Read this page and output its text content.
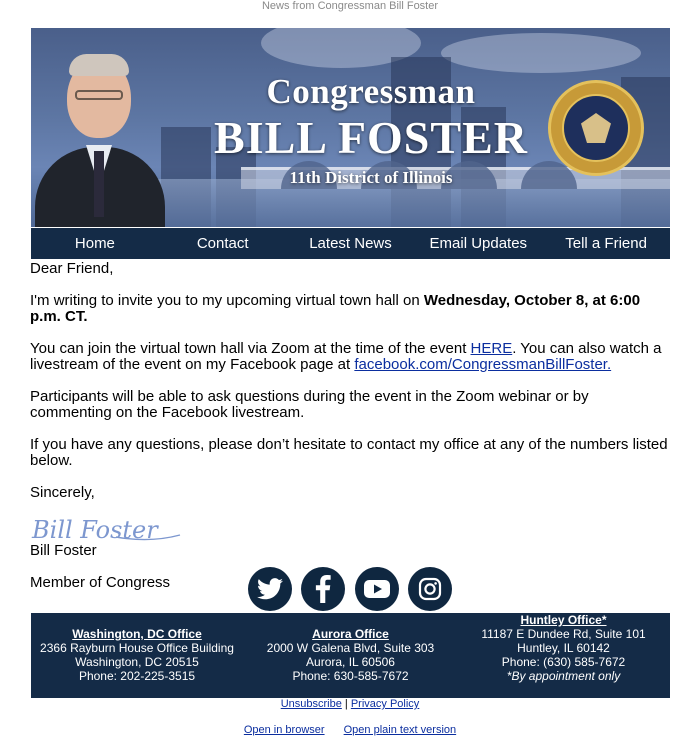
News from Congressman Bill Foster
Congressman
BILL FOSTER
11th District of Illinois
Home	Contact	Latest News	Email Updates	Tell a Friend

Dear Friend,

I'm writing to invite you to my upcoming virtual town hall on Wednesday, October 8, at 6:00 p.m. CT.

You can join the virtual town hall via Zoom at the time of the event HERE. You can also watch a livestream of the event on my Facebook page at facebook.com/CongressmanBillFoster.

Participants will be able to ask questions during the event in the Zoom webinar or by commenting on the Facebook livestream.

If you have any questions, please don’t hesitate to contact my office at any of the numbers listed below.

Sincerely,

Bill Foster

Bill Foster

Member of Congress

Washington, DC Office
2366 Rayburn House Office Building
Washington, DC 20515
Phone: 202-225-3515
Aurora Office
2000 W Galena Blvd, Suite 303
Aurora, IL 60506
Phone: 630-585-7672
Huntley Office*
11187 E Dundee Rd, Suite 101
Huntley, IL 60142
Phone: (630) 585-7672
*By appointment only
Unsubscribe | Privacy Policy
Open in browser Open plain text version
